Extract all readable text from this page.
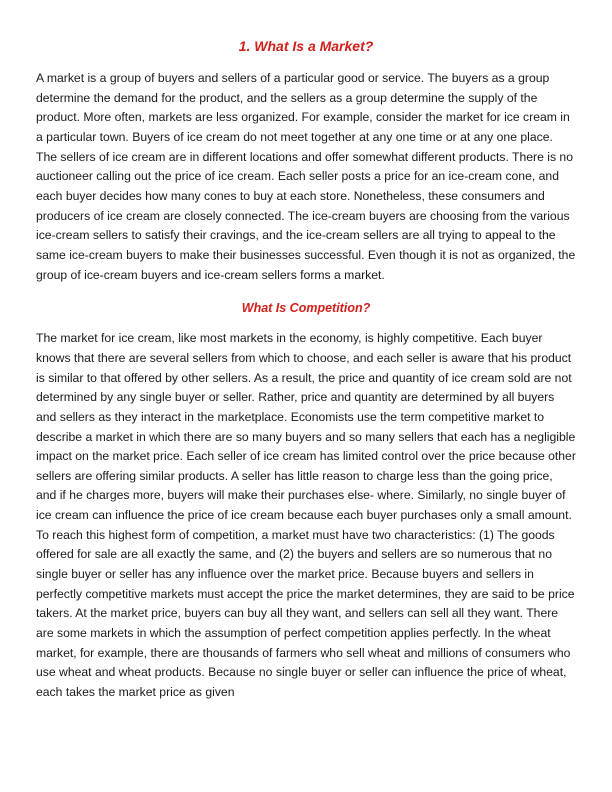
1. What Is a Market?

A market is a group of buyers and sellers of a particular good or service. The buyers as a group determine the demand for the product, and the sellers as a group determine the supply of the product. More often, markets are less organized. For example, consider the market for ice cream in a particular town. Buyers of ice cream do not meet together at any one time or at any one place. The sellers of ice cream are in different locations and offer somewhat different products. There is no auctioneer calling out the price of ice cream. Each seller posts a price for an ice-cream cone, and each buyer decides how many cones to buy at each store. Nonetheless, these consumers and producers of ice cream are closely connected. The ice-cream buyers are choosing from the various ice-cream sellers to satisfy their cravings, and the ice-cream sellers are all trying to appeal to the same ice-cream buyers to make their businesses successful. Even though it is not as organized, the group of ice-cream buyers and ice-cream sellers forms a market.

What Is Competition?

The market for ice cream, like most markets in the economy, is highly competitive. Each buyer knows that there are several sellers from which to choose, and each seller is aware that his product is similar to that offered by other sellers. As a result, the price and quantity of ice cream sold are not determined by any single buyer or seller. Rather, price and quantity are determined by all buyers and sellers as they interact in the marketplace. Economists use the term competitive market to describe a market in which there are so many buyers and so many sellers that each has a negligible impact on the market price. Each seller of ice cream has limited control over the price because other sellers are offering similar products. A seller has little reason to charge less than the going price, and if he charges more, buyers will make their purchases else- where. Similarly, no single buyer of ice cream can influence the price of ice cream because each buyer purchases only a small amount. To reach this highest form of competition, a market must have two characteristics: (1) The goods offered for sale are all exactly the same, and (2) the buyers and sellers are so numerous that no single buyer or seller has any influence over the market price. Because buyers and sellers in perfectly competitive markets must accept the price the market determines, they are said to be price takers. At the market price, buyers can buy all they want, and sellers can sell all they want. There are some markets in which the assumption of perfect competition applies perfectly. In the wheat market, for example, there are thousands of farmers who sell wheat and millions of consumers who use wheat and wheat products. Because no single buyer or seller can influence the price of wheat, each takes the market price as given
